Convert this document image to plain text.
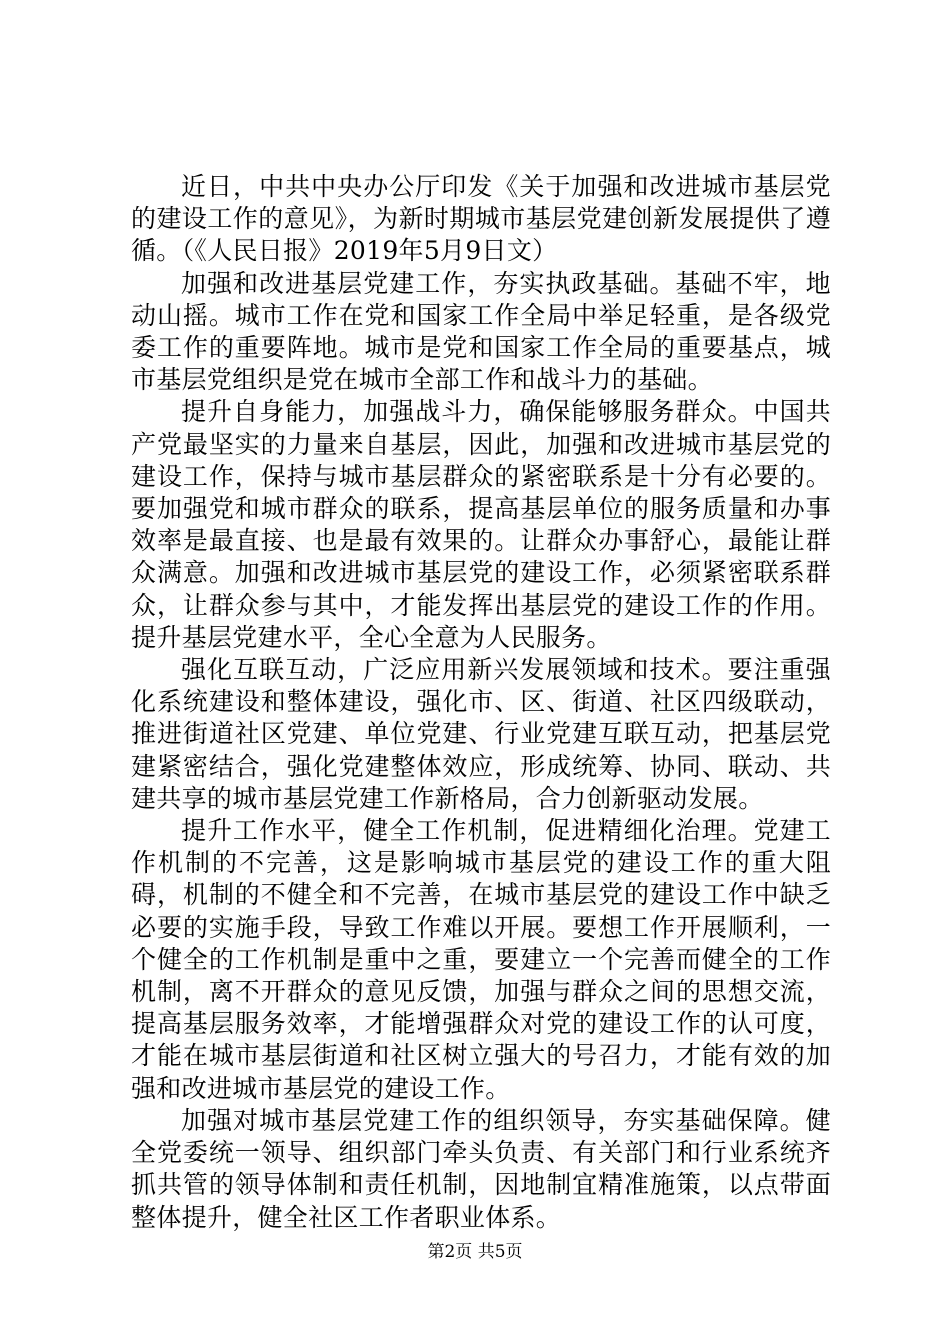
近日，中共中央办公厅印发《关于加强和改进城市基层党的建设工作的意见》，为新时期城市基层党建创新发展提供了遵循。（《人民日报》2019年5月9日文）

加强和改进基层党建工作，夯实执政基础。基础不牢，地动山摇。城市工作在党和国家工作全局中举足轻重，是各级党委工作的重要阵地。城市是党和国家工作全局的重要基点，城市基层党组织是党在城市全部工作和战斗力的基础。

提升自身能力，加强战斗力，确保能够服务群众。中国共产党最坚实的力量来自基层，因此，加强和改进城市基层党的建设工作，保持与城市基层群众的紧密联系是十分有必要的。要加强党和城市群众的联系，提高基层单位的服务质量和办事效率是最直接、也是最有效果的。让群众办事舒心，最能让群众满意。加强和改进城市基层党的建设工作，必须紧密联系群众，让群众参与其中，才能发挥出基层党的建设工作的作用。提升基层党建水平，全心全意为人民服务。

强化互联互动，广泛应用新兴发展领域和技术。要注重强化系统建设和整体建设，强化市、区、街道、社区四级联动，推进街道社区党建、单位党建、行业党建互联互动，把基层党建紧密结合，强化党建整体效应，形成统筹、协同、联动、共建共享的城市基层党建工作新格局，合力创新驱动发展。

提升工作水平，健全工作机制，促进精细化治理。党建工作机制的不完善，这是影响城市基层党的建设工作的重大阻碍，机制的不健全和不完善，在城市基层党的建设工作中缺乏必要的实施手段，导致工作难以开展。要想工作开展顺利，一个健全的工作机制是重中之重，要建立一个完善而健全的工作机制，离不开群众的意见反馈，加强与群众之间的思想交流，提高基层服务效率，才能增强群众对党的建设工作的认可度，才能在城市基层街道和社区树立强大的号召力，才能有效的加强和改进城市基层党的建设工作。

加强对城市基层党建工作的组织领导，夯实基础保障。健全党委统一领导、组织部门牵头负责、有关部门和行业系统齐抓共管的领导体制和责任机制，因地制宜精准施策，以点带面整体提升，健全社区工作者职业体系。

第2页 共5页
